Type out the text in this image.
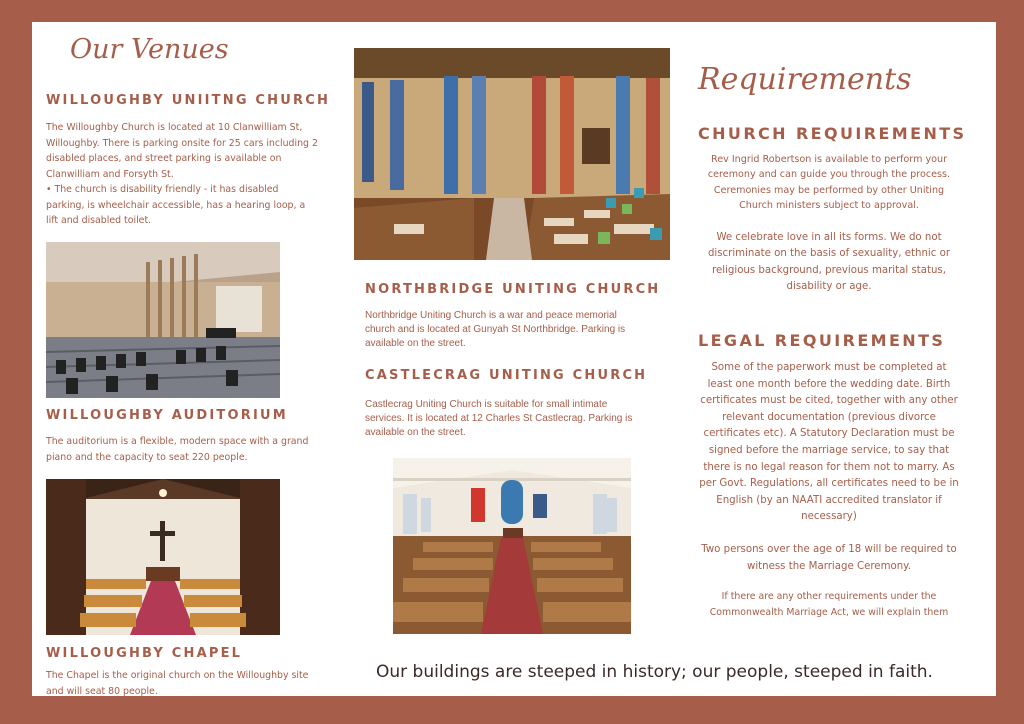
Our Venues
WILLOUGHBY UNIITNG CHURCH

The Willoughby Church is located at 10 Clanwilliam St, Willoughby. There is parking onsite for 25 cars including 2 disabled places, and street parking is available on Clanwilliam and Forsyth St.

• The church is disability friendly - it has disabled parking, is wheelchair accessible, has a hearing loop, a lift and disabled toilet.

WILLOUGHBY AUDITORIUM
The auditorium is a flexible, modern space with a grand piano and the capacity to seat 220 people.
WILLOUGHBY CHAPEL
The Chapel is the original church on the Willoughby site and will seat 80 people.
NORTHBRIDGE UNITING CHURCH
Northbridge Uniting Church is a war and peace memorial church and is located at Gunyah St Northbridge. Parking is available on the street.
CASTLECRAG UNITING CHURCH
Castlecrag Uniting Church is suitable for small intimate services. It is located at 12 Charles St Castlecrag. Parking is available on the street.
Requirements
CHURCH REQUIREMENTS

Rev Ingrid Robertson is available to perform your ceremony and can guide you through the process. Ceremonies may be performed by other Uniting Church ministers subject to approval.

We celebrate love in all its forms. We do not discriminate on the basis of sexuality, ethnic or religious background, previous marital status, disability or age.

LEGAL REQUIREMENTS

Some of the paperwork must be completed at least one month before the wedding date. Birth certificates must be cited, together with any other relevant documentation (previous divorce certificates etc). A Statutory Declaration must be signed before the marriage service, to say that there is no legal reason for them not to marry. As per Govt. Regulations, all certificates need to be in English (by an NAATI accredited translator if necessary)

Two persons over the age of 18 will be required to witness the Marriage Ceremony.

If there are any other requirements under the Commonwealth Marriage Act, we will explain them

Our buildings are steeped in history; our people, steeped in faith.
